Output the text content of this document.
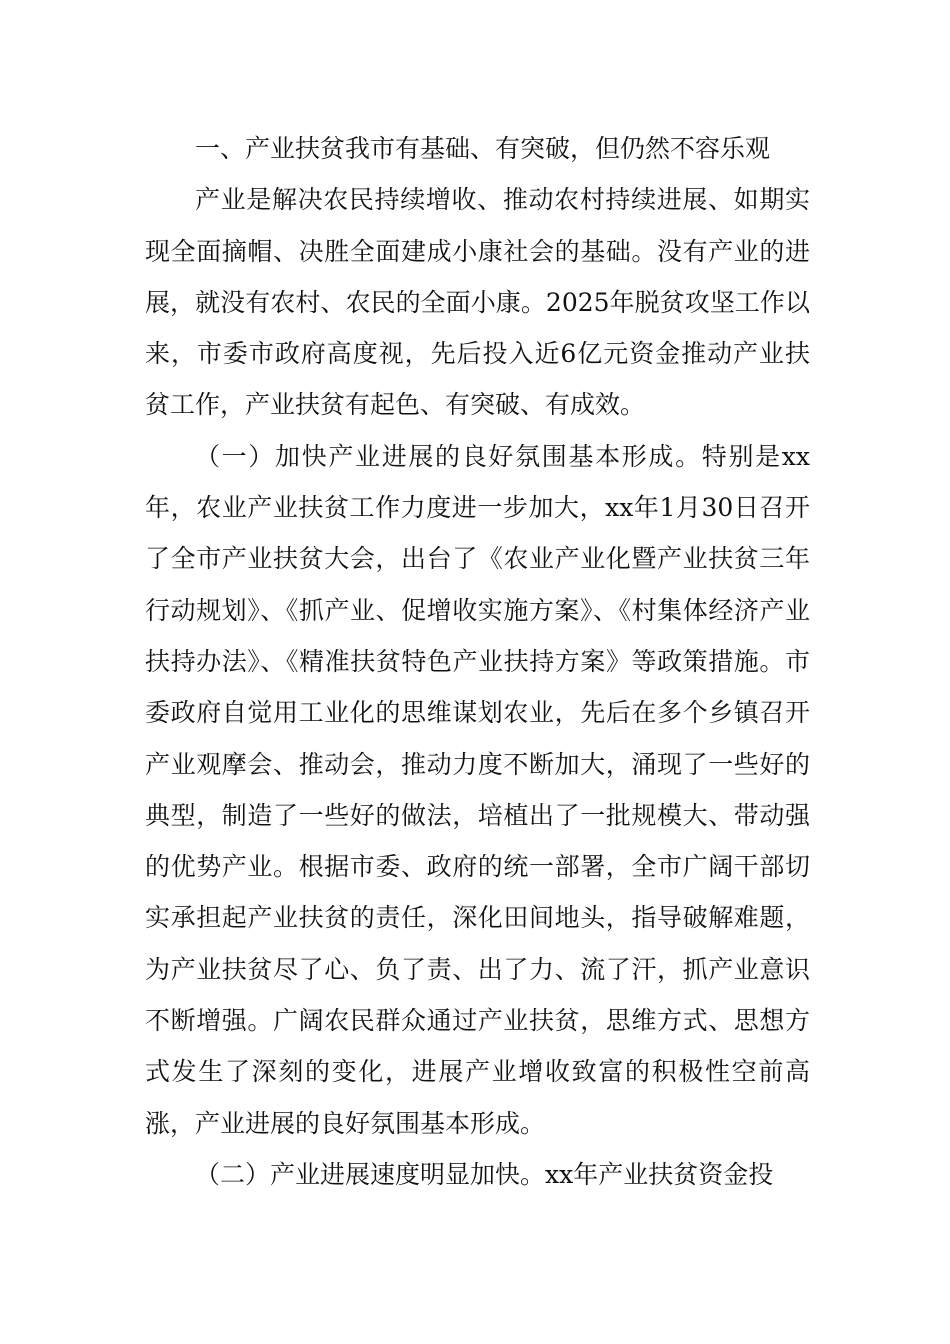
一、产业扶贫我市有基础、有突破，但仍然不容乐观

产业是解决农民持续增收、推动农村持续进展、如期实现全面摘帽、决胜全面建成小康社会的基础。没有产业的进展，就没有农村、农民的全面小康。2025年脱贫攻坚工作以来，市委市政府高度视，先后投入近6亿元资金推动产业扶贫工作，产业扶贫有起色、有突破、有成效。

（一）加快产业进展的良好氛围基本形成。特别是xx年，农业产业扶贫工作力度进一步加大，xx年1月30日召开了全市产业扶贫大会，出台了《农业产业化暨产业扶贫三年行动规划》、《抓产业、促增收实施方案》、《村集体经济产业扶持办法》、《精准扶贫特色产业扶持方案》等政策措施。市委政府自觉用工业化的思维谋划农业，先后在多个乡镇召开产业观摩会、推动会，推动力度不断加大，涌现了一些好的典型，制造了一些好的做法，培植出了一批规模大、带动强的优势产业。根据市委、政府的统一部署，全市广阔干部切实承担起产业扶贫的责任，深化田间地头，指导破解难题，为产业扶贫尽了心、负了责、出了力、流了汗，抓产业意识不断增强。广阔农民群众通过产业扶贫，思维方式、思想方式发生了深刻的变化，进展产业增收致富的积极性空前高涨，产业进展的良好氛围基本形成。

（二）产业进展速度明显加快。xx年产业扶贫资金投
